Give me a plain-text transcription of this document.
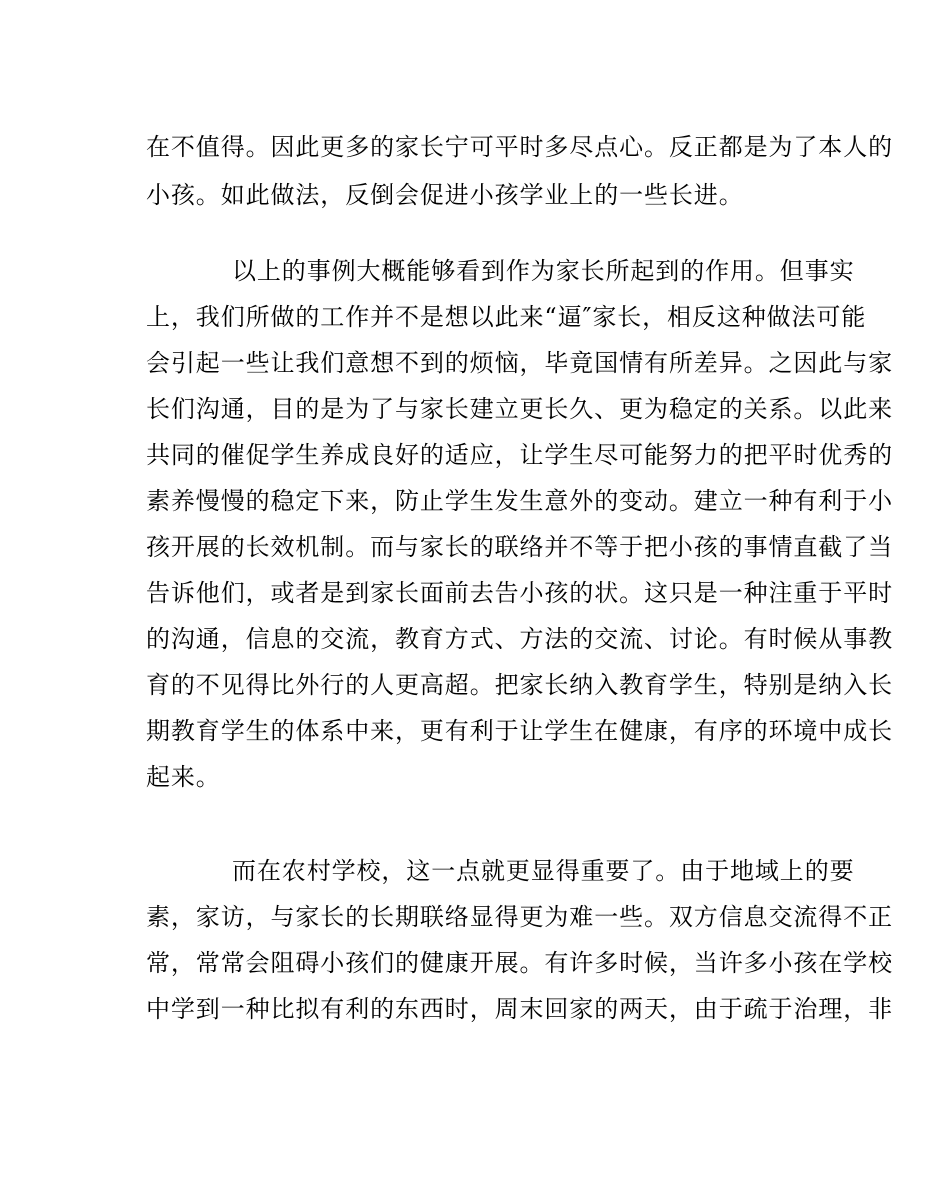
在不值得。因此更多的家长宁可平时多尽点心。反正都是为了本人的
小孩。如此做法，反倒会促进小孩学业上的一些长进。
以上的事例大概能够看到作为家长所起到的作用。但事实
上，我们所做的工作并不是想以此来“逼″家长，相反这种做法可能
会引起一些让我们意想不到的烦恼，毕竟国情有所差异。之因此与家
长们沟通，目的是为了与家长建立更长久、更为稳定的关系。以此来
共同的催促学生养成良好的适应，让学生尽可能努力的把平时优秀的
素养慢慢的稳定下来，防止学生发生意外的变动。建立一种有利于小
孩开展的长效机制。而与家长的联络并不等于把小孩的事情直截了当
告诉他们，或者是到家长面前去告小孩的状。这只是一种注重于平时
的沟通，信息的交流，教育方式、方法的交流、讨论。有时候从事教
育的不见得比外行的人更高超。把家长纳入教育学生，特别是纳入长
期教育学生的体系中来，更有利于让学生在健康，有序的环境中成长
起来。
而在农村学校，这一点就更显得重要了。由于地域上的要
素，家访，与家长的长期联络显得更为难一些。双方信息交流得不正
常，常常会阻碍小孩们的健康开展。有许多时候，当许多小孩在学校
中学到一种比拟有利的东西时，周末回家的两天，由于疏于治理，非
